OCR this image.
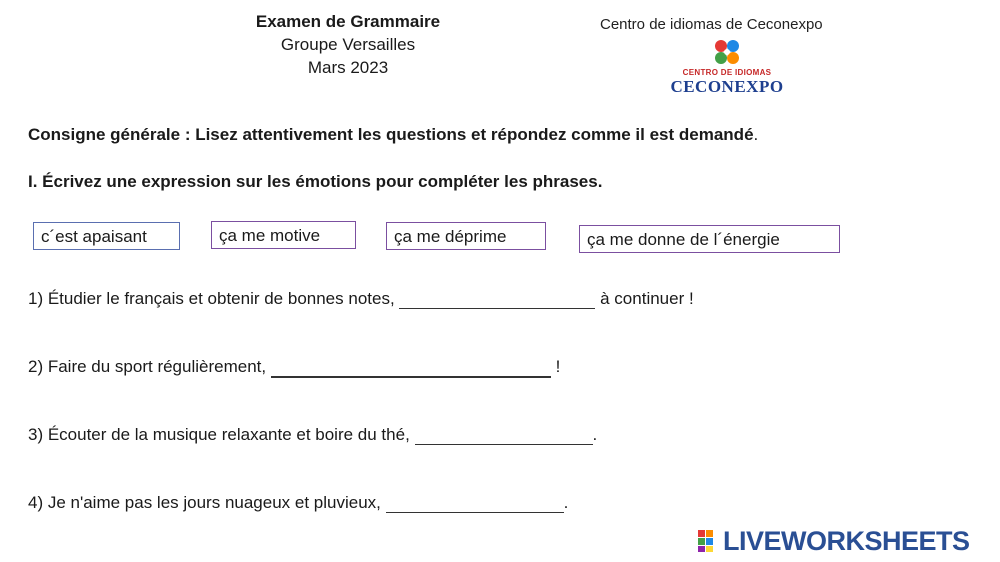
Examen de Grammaire
Groupe Versailles
Mars 2023
Centro de idiomas de Ceconexpo
CENTRO DE IDIOMAS
CECONEXPO
Consigne générale : Lisez attentivement les questions et répondez comme il est demandé.
I. Écrivez une expression sur les émotions pour compléter les phrases.
c´est apaisant	ça me motive	ça me déprime	ça me donne de l´énergie
1) Étudier le français et obtenir de bonnes notes,	à continuer !
2) Faire du sport régulièrement,	!
3) Écouter de la musique relaxante et boire du thé,	.
4) Je n'aime pas les jours nuageux et pluvieux,	.
LIVEWORKSHEETS
